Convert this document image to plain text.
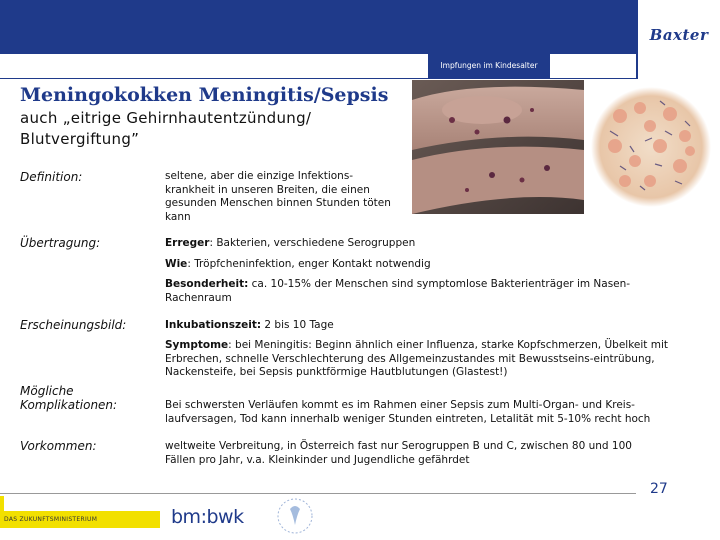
Baxter
Impfungen im Kindesalter
Meningokokken Meningitis/Sepsis
auch „eitrige Gehirnhautentzündung/ Blutvergiftung”
Definition:	seltene, aber die einzige Infektions-krankheit in unseren Breiten, die einen gesunden Menschen binnen Stunden töten kann
Übertragung:	Erreger: Bakterien, verschiedene Serogruppen
Wie: Tröpfcheninfektion, enger Kontakt notwendig
Besonderheit: ca. 10-15% der Menschen sind symptomlose Bakterienträger im Nasen-Rachenraum
Erscheinungsbild:	Inkubationszeit: 2 bis 10 Tage
Symptome: bei Meningitis: Beginn ähnlich einer Influenza, starke Kopfschmerzen, Übelkeit mit Erbrechen, schnelle Verschlechterung des Allgemeinzustandes mit Bewusstseins-eintrübung, Nackensteife, bei Sepsis punktförmige Hautblutungen (Glastest!)
Mögliche Komplikationen:	Bei schwersten Verläufen kommt es im Rahmen einer Sepsis zum Multi-Organ- und Kreis-laufversagen, Tod kann innerhalb weniger Stunden eintreten, Letalität mit 5-10% recht hoch
Vorkommen:	weltweite Verbreitung, in Österreich fast nur Serogruppen B und C, zwischen 80 und 100 Fällen pro Jahr, v.a. Kleinkinder und Jugendliche gefährdet
27
DAS ZUKUNFTSMINISTERIUM	bm:bwk
